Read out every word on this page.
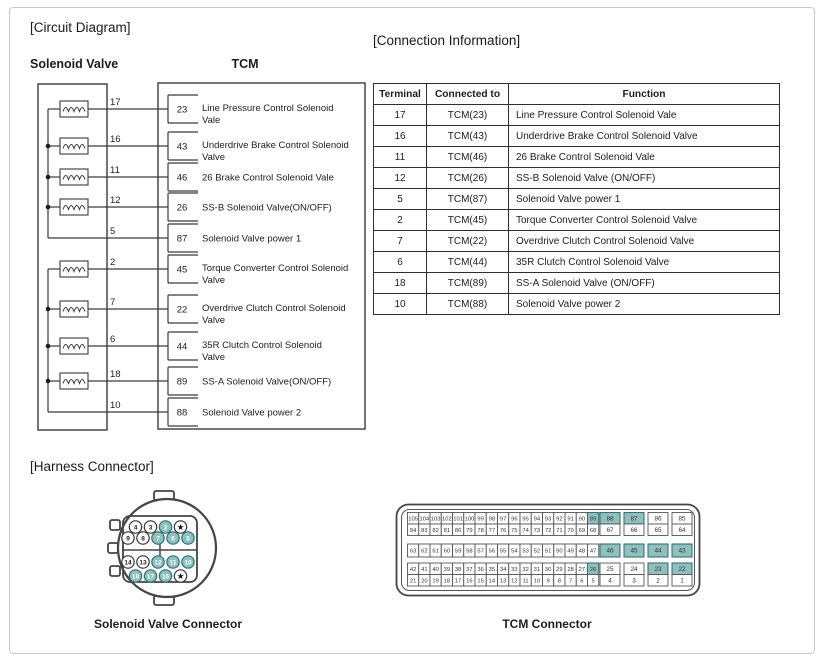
[Circuit Diagram]
[Connection Information]
Solenoid Valve	TCM
17
23 Line Pressure Control Solenoid
Vale
16
43 Underdrive Brake Control Solenoid
Valve
11
46 26 Brake Control Solenoid Vale
12
26 SS-B Solenoid Valve(ON/OFF)
5
87 Solenoid Valve power 1
2
45 Torque Converter Control Solenoid
Valve
7
22 Overdrive Clutch Control Solenoid
Valve
6
44 35R Clutch Control Solenoid
Valve
18
89 SS-A Solenoid Valve(ON/OFF)
10
88 Solenoid Valve power 2
Terminal	Connected to	Function
17	TCM(23)	Line Pressure Control Solenoid Vale
16	TCM(43)	Underdrive Brake Control Solenoid Valve
11	TCM(46)	26 Brake Control Solenoid Vale
12	TCM(26)	SS-B Solenoid Valve (ON/OFF)
5	TCM(87)	Solenoid Valve power 1
2	TCM(45)	Torque Converter Control Solenoid Valve
7	TCM(22)	Overdrive Clutch Control Solenoid Valve
6	TCM(44)	35R Clutch Control Solenoid Valve
18	TCM(89)	SS-A Solenoid Valve (ON/OFF)
10	TCM(88)	Solenoid Valve power 2
[Harness Connector]
4 3 2 ★
9 8 7 6 5
14 13 12 11 10
18 17 16 ★
Solenoid Valve Connector
105 104 103 102 101 100 99 98 97 96 95 94 93 92 91 90 89
84 83 82 81 80 79 78 77 76 75 74 73 72 71 70 69 68
63 62 61 60 59 58 57 56 55 54 53 52 51 50 49 48 47
42 41 40 39 38 37 36 35 34 33 32 31 30 29 28 27 26
21 20 19 18 17 16 15 14 13 12 11 10 9 8 7 6 5
88	87	86	85
67	66	65	64
46	45	44	43
25	24	23	22
4	3	2	1
TCM Connector
